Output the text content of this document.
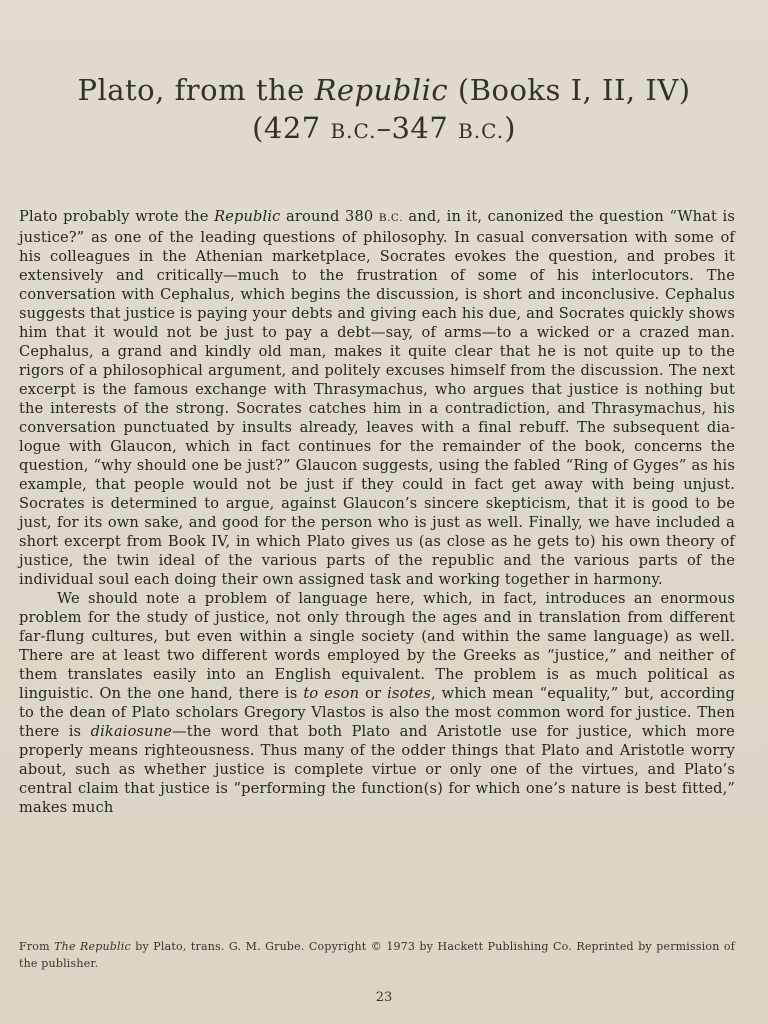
Plato, from the Republic (Books I, II, IV)
(427 B.C.–347 B.C.)

Plato probably wrote the Republic around 380 B.C. and, in it, canonized the question “What is justice?” as one of the leading questions of philosophy. In casual conversation with some of his colleagues in the Athenian marketplace, Socrates evokes the question, and probes it extensively and critically—much to the frustration of some of his interlocutors. The conversation with Cephalus, which begins the discussion, is short and inconclusive. Cephalus suggests that justice is paying your debts and giving each his due, and Socrates quickly shows him that it would not be just to pay a debt—say, of arms—to a wicked or a crazed man. Cephalus, a grand and kindly old man, makes it quite clear that he is not quite up to the rigors of a philosophical argument, and politely excuses himself from the discussion. The next excerpt is the famous exchange with Thrasymachus, who argues that justice is nothing but the interests of the strong. Socrates catches him in a contradiction, and Thrasymachus, his conversation punctuated by insults already, leaves with a final rebuff. The subsequent dialogue with Glaucon, which in fact continues for the remainder of the book, concerns the question, “why should one be just?” Glaucon suggests, using the fabled “Ring of Gyges” as his example, that people would not be just if they could in fact get away with being unjust. Socrates is determined to argue, against Glaucon’s sincere skepticism, that it is good to be just, for its own sake, and good for the person who is just as well. Finally, we have included a short excerpt from Book IV, in which Plato gives us (as close as he gets to) his own theory of justice, the twin ideal of the various parts of the republic and the various parts of the individual soul each doing their own assigned task and working together in harmony.

We should note a problem of language here, which, in fact, introduces an enormous problem for the study of justice, not only through the ages and in translation from different far-flung cultures, but even within a single society (and within the same language) as well. There are at least two different words employed by the Greeks as “justice,” and neither of them translates easily into an English equivalent. The problem is as much political as linguistic. On the one hand, there is to eson or isotes, which mean “equality,” but, according to the dean of Plato scholars Gregory Vlastos is also the most common word for justice. Then there is dikaiosune—the word that both Plato and Aristotle use for justice, which more properly means righteousness. Thus many of the odder things that Plato and Aristotle worry about, such as whether justice is complete virtue or only one of the virtues, and Plato’s central claim that justice is “performing the function(s) for which one’s nature is best fitted,” makes much

From The Republic by Plato, trans. G. M. Grube. Copyright © 1973 by Hackett Publishing Co. Reprinted by permission of the publisher.
23
